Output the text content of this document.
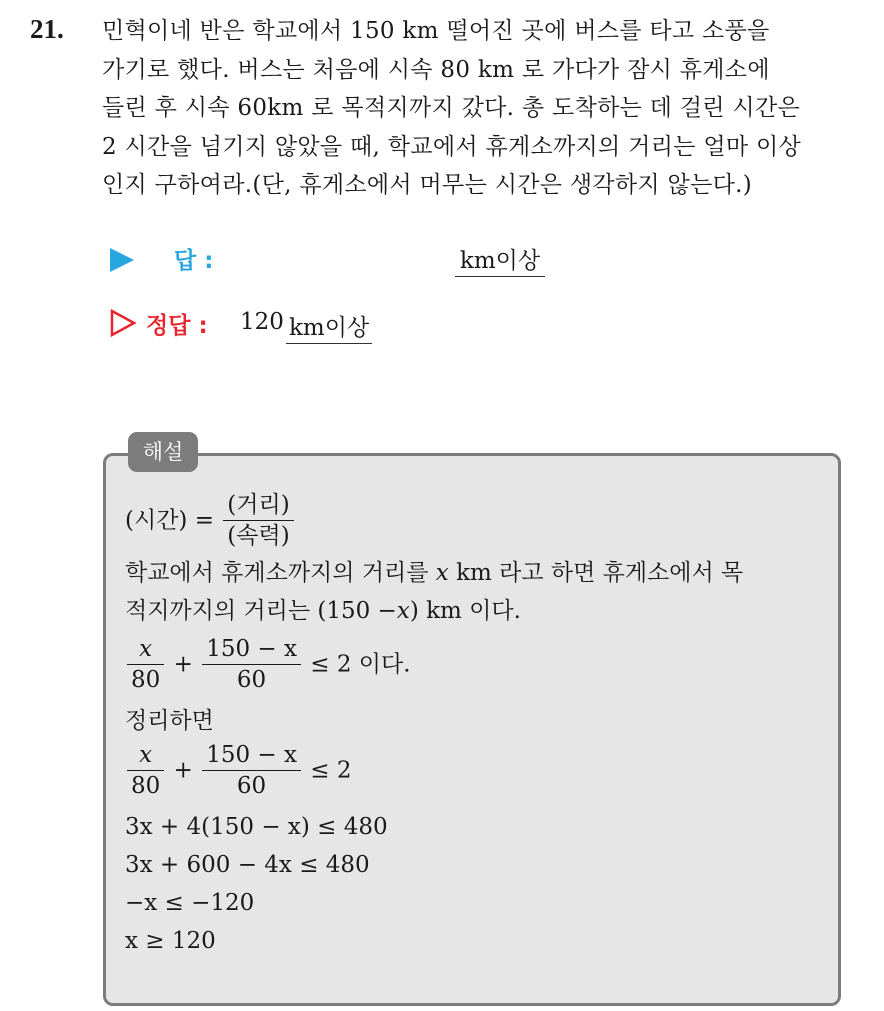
21. 민혁이네 반은 학교에서 150 km 떨어진 곳에 버스를 타고 소풍을
가기로 했다. 버스는 처음에 시속 80 km 로 가다가 잠시 휴게소에
들린 후 시속 60km 로 목적지까지 갔다. 총 도착하는 데 걸린 시간은
2 시간을 넘기지 않았을 때, 학교에서 휴게소까지의 거리는 얼마 이상
인지 구하여라.(단, 휴게소에서 머무는 시간은 생각하지 않는다.)
답 :	km이상
정답 : 120 km이상
해설
(시간) = $\frac{\text{(거리)}}{\text{(속력)}}$
학교에서 휴게소까지의 거리를 x km 라고 하면 휴게소에서 목
적지까지의 거리는 (150 −x) km 이다.
$\frac{x}{80} + \frac{150 - x}{60} \le 2$ 이다.
정리하면
$\frac{x}{80} + \frac{150 - x}{60} \le 2$
3x + 4(150 − x) ≤ 480
3x + 600 − 4x ≤ 480
−x ≤ −120
x ≥ 120
